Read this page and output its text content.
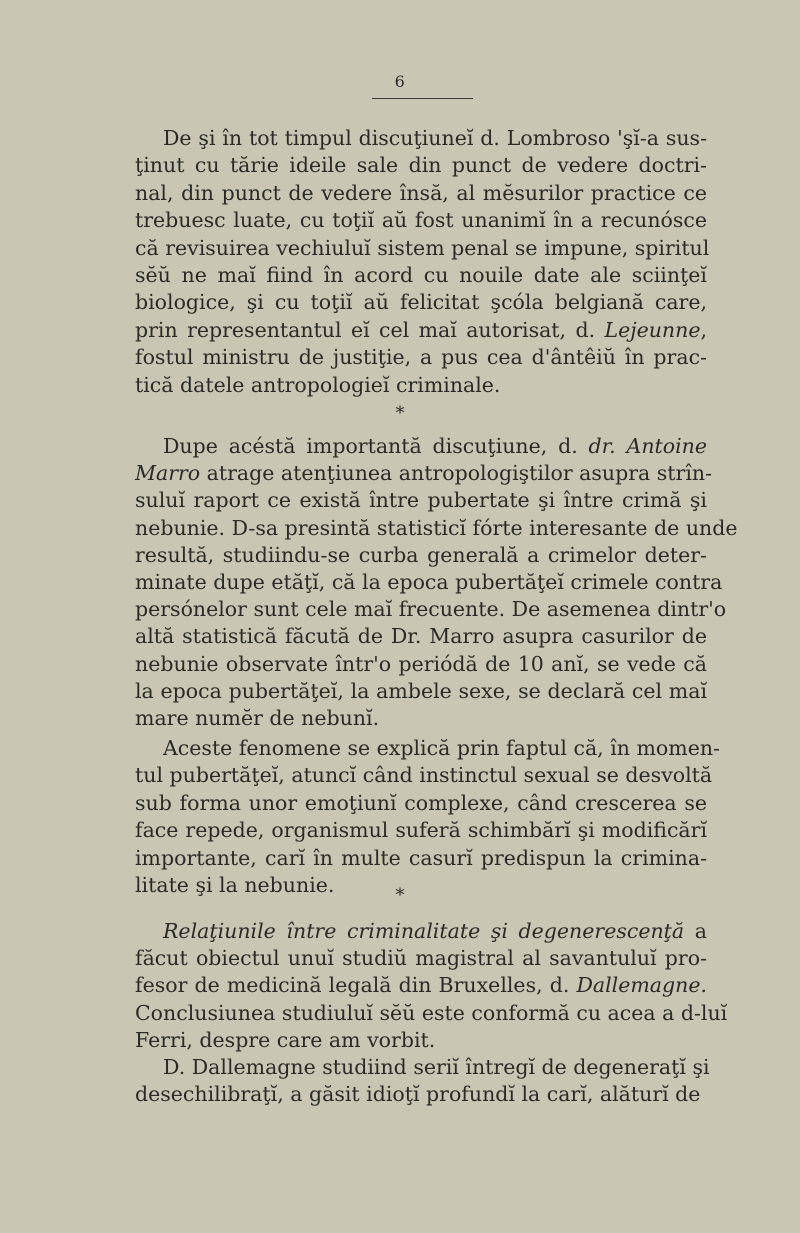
6
*
*
De şi în tot timpul discuţiuneĭ d. Lombroso 'şĭ-a sus-
ţinut cu tărie ideile sale din punct de vedere doctri-
nal, din punct de vedere însă, al mĕsurilor practice ce
trebuesc luate, cu toţiĭ aŭ fost unanimĭ în a recunósce
că revisuirea vechiuluĭ sistem penal se impune, spiritul
sĕŭ ne maĭ fiind în acord cu nouile date ale sciinţeĭ
biologice, şi cu toţiĭ aŭ felicitat şcóla belgiană care,
prin representantul eĭ cel maĭ autorisat, d. Lejeunne,
fostul ministru de justiţie, a pus cea d'ântêiŭ în prac-
tică datele antropologieĭ criminale.
Dupe acéstă importantă discuţiune, d. dr. Antoine
Marro atrage atenţiunea antropologiştilor asupra strîn-
suluĭ raport ce există între pubertate şi între crimă şi
nebunie. D-sa presintă statisticĭ fórte interesante de unde
resultă, studiindu-se curba generală a crimelor deter-
minate dupe etăţĭ, că la epoca pubertăţeĭ crimele contra
persónelor sunt cele maĭ frecuente. De asemenea dintr'o
altă statistică făcută de Dr. Marro asupra casurilor de
nebunie observate într'o periódă de 10 anĭ, se vede că
la epoca pubertăţeĭ, la ambele sexe, se declară cel maĭ
mare numĕr de nebunĭ.
Aceste fenomene se explică prin faptul că, în momen-
tul pubertăţeĭ, atuncĭ când instinctul sexual se desvoltă
sub forma unor emoţiunĭ complexe, când crescerea se
face repede, organismul suferă schimbărĭ şi modificărĭ
importante, carĭ în multe casurĭ predispun la crimina-
litate şi la nebunie.
Relaţiunile între criminalitate şi degenerescenţă a
făcut obiectul unuĭ studiŭ magistral al savantuluĭ pro-
fesor de medicină legală din Bruxelles, d. Dallemagne.
Conclusiunea studiuluĭ sĕŭ este conformă cu acea a d-luĭ
Ferri, despre care am vorbit.
D. Dallemagne studiind seriĭ întregĭ de degeneraţĭ şi
desechilibraţĭ, a găsit idioţĭ profundĭ la carĭ, alăturĭ de
